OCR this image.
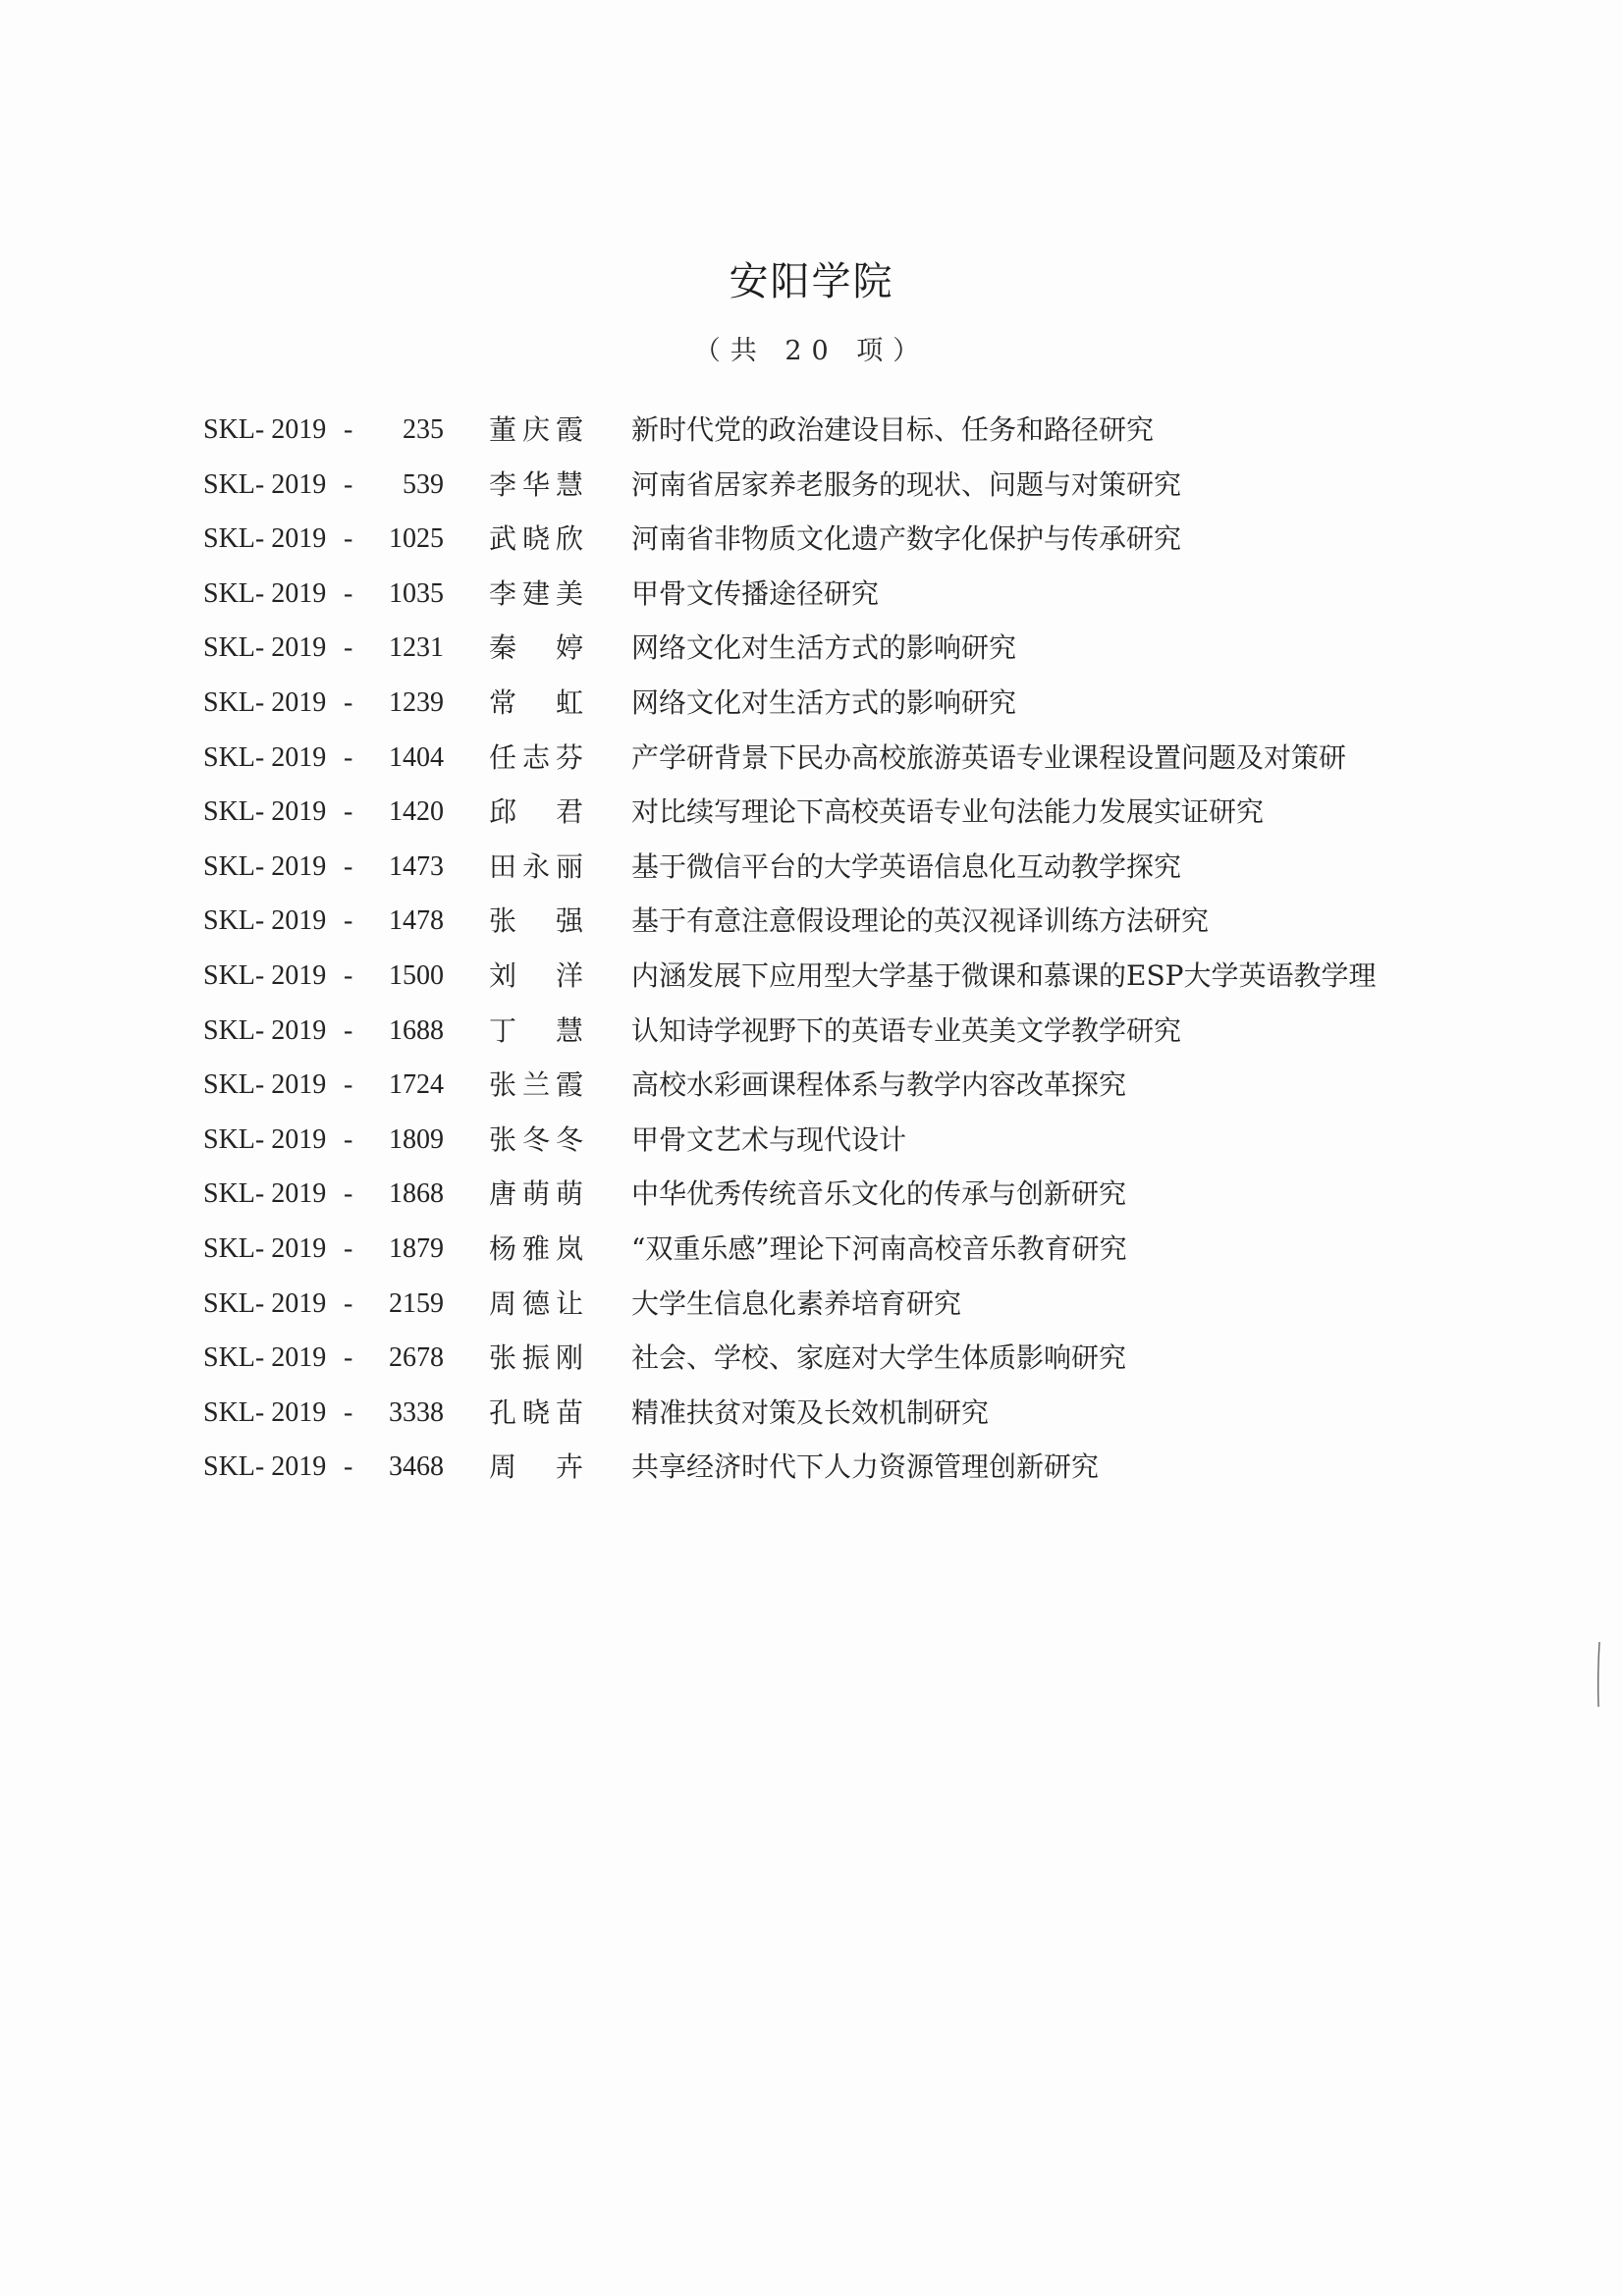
安阳学院
（共 20 项）
SKL- 2019 -	235 董庆霞 新时代党的政治建设目标、任务和路径研究
SKL- 2019 -	539 李华慧 河南省居家养老服务的现状、问题与对策研究
SKL- 2019 -	1025 武晓欣 河南省非物质文化遗产数字化保护与传承研究
SKL- 2019 -	1035 李建美 甲骨文传播途径研究
SKL- 2019 -	1231 秦婷 网络文化对生活方式的影响研究
SKL- 2019 -	1239 常虹 网络文化对生活方式的影响研究
SKL- 2019 -	1404 任志芬 产学研背景下民办高校旅游英语专业课程设置问题及对策研
SKL- 2019 -	1420 邱君 对比续写理论下高校英语专业句法能力发展实证研究
SKL- 2019 -	1473 田永丽 基于微信平台的大学英语信息化互动教学探究
SKL- 2019 -	1478 张强 基于有意注意假设理论的英汉视译训练方法研究
SKL- 2019 -	1500 刘洋 内涵发展下应用型大学基于微课和慕课的ESP大学英语教学理
SKL- 2019 -	1688 丁慧 认知诗学视野下的英语专业英美文学教学研究
SKL- 2019 -	1724 张兰霞 高校水彩画课程体系与教学内容改革探究
SKL- 2019 -	1809 张冬冬 甲骨文艺术与现代设计
SKL- 2019 -	1868 唐萌萌 中华优秀传统音乐文化的传承与创新研究
SKL- 2019 -	1879 杨雅岚 “双重乐感”理论下河南高校音乐教育研究
SKL- 2019 -	2159 周德让 大学生信息化素养培育研究
SKL- 2019 -	2678 张振刚 社会、学校、家庭对大学生体质影响研究
SKL- 2019 -	3338 孔晓苗 精准扶贫对策及长效机制研究
SKL- 2019 -	3468 周卉 共享经济时代下人力资源管理创新研究
